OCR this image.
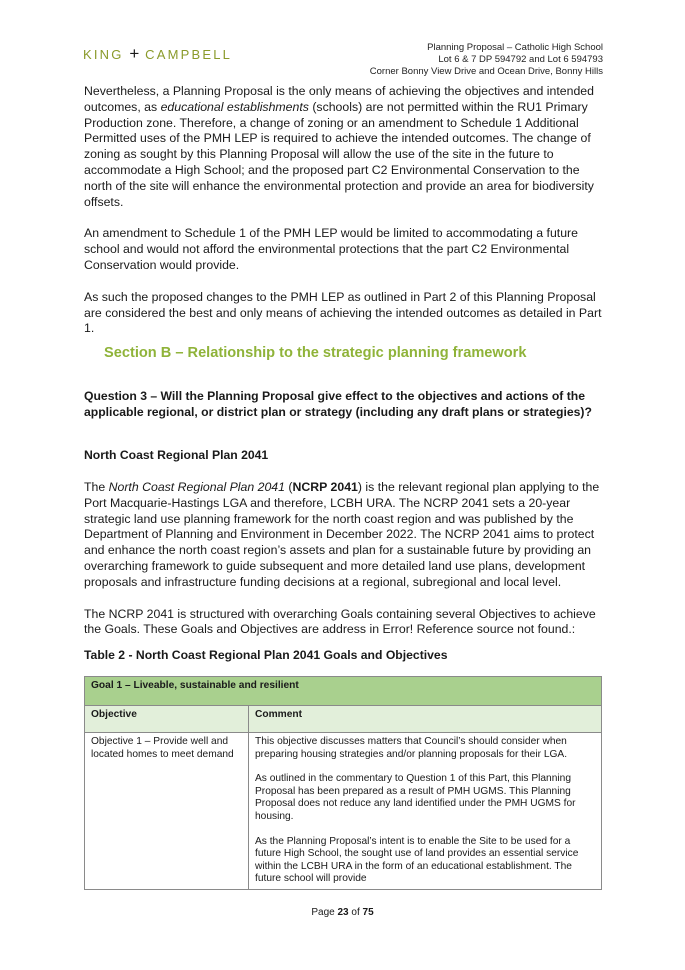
KING + CAMPBELL	Planning Proposal – Catholic High School
Lot 6 & 7 DP 594792 and Lot 6 594793
Corner Bonny View Drive and Ocean Drive, Bonny Hills

Nevertheless, a Planning Proposal is the only means of achieving the objectives and intended outcomes, as educational establishments (schools) are not permitted within the RU1 Primary Production zone. Therefore, a change of zoning or an amendment to Schedule 1 Additional Permitted uses of the PMH LEP is required to achieve the intended outcomes. The change of zoning as sought by this Planning Proposal will allow the use of the site in the future to accommodate a High School; and the proposed part C2 Environmental Conservation to the north of the site will enhance the environmental protection and provide an area for biodiversity offsets.

An amendment to Schedule 1 of the PMH LEP would be limited to accommodating a future school and would not afford the environmental protections that the part C2 Environmental Conservation would provide.

As such the proposed changes to the PMH LEP as outlined in Part 2 of this Planning Proposal are considered the best and only means of achieving the intended outcomes as detailed in Part 1.

Section B – Relationship to the strategic planning framework
Question 3 – Will the Planning Proposal give effect to the objectives and actions of the applicable regional, or district plan or strategy (including any draft plans or strategies)?
North Coast Regional Plan 2041

The North Coast Regional Plan 2041 (NCRP 2041) is the relevant regional plan applying to the Port Macquarie-Hastings LGA and therefore, LCBH URA. The NCRP 2041 sets a 20-year strategic land use planning framework for the north coast region and was published by the Department of Planning and Environment in December 2022. The NCRP 2041 aims to protect and enhance the north coast region’s assets and plan for a sustainable future by providing an overarching framework to guide subsequent and more detailed land use plans, development proposals and infrastructure funding decisions at a regional, subregional and local level.

The NCRP 2041 is structured with overarching Goals containing several Objectives to achieve the Goals. These Goals and Objectives are address in Error! Reference source not found.:

Table 2 - North Coast Regional Plan 2041 Goals and Objectives
Goal 1 – Liveable, sustainable and resilient	
Objective	Comment
Objective 1 – Provide well and located homes to meet demand	This objective discusses matters that Council’s should consider when preparing housing strategies and/or planning proposals for their LGA.

As outlined in the commentary to Question 1 of this Part, this Planning Proposal has been prepared as a result of PMH UGMS. This Planning Proposal does not reduce any land identified under the PMH UGMS for housing.

As the Planning Proposal’s intent is to enable the Site to be used for a future High School, the sought use of land provides an essential service within the LCBH URA in the form of an educational establishment. The future school will provide

Page 23 of 75
